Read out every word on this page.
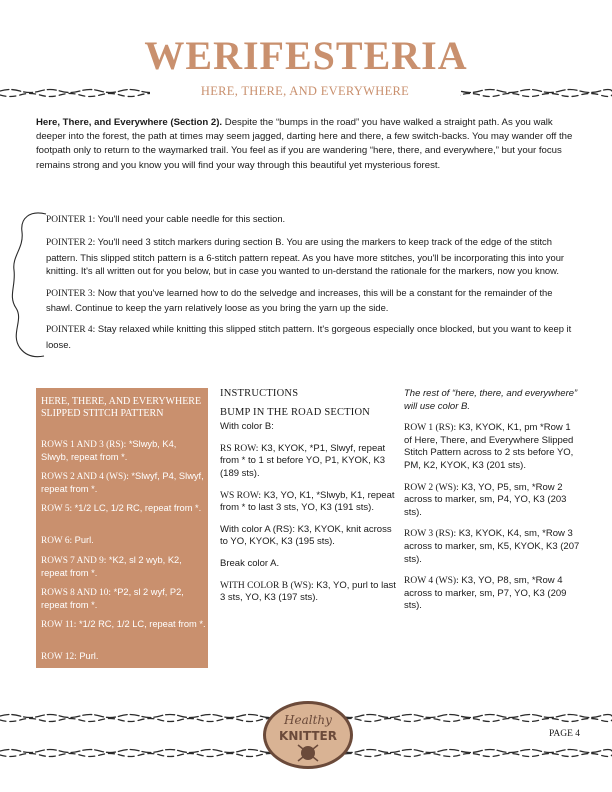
WERIFESTERIA
HERE, THERE, AND EVERYWHERE

Here, There, and Everywhere (Section 2). Despite the “bumps in the road” you have walked a straight path. As you walk deeper into the forest, the path at times may seem jagged, darting here and there, a few switch-backs. You may wander off the footpath only to return to the waymarked trail. You feel as if you are wandering “here, there, and everywhere,” but your focus remains strong and you know you will find your way through this beautiful yet mysterious forest.

POINTER 1: You'll need your cable needle for this section.

POINTER 2: You'll need 3 stitch markers during section B. You are using the markers to keep track of the edge of the stitch pattern. This slipped stitch pattern is a 6-stitch pattern repeat. As you have more stitches, you'll be incorporating this into your knitting. It's all written out for you below, but in case you wanted to un-derstand the rationale for the markers, now you know.

POINTER 3: Now that you've learned how to do the selvedge and increases, this will be a constant for the remainder of the shawl. Continue to keep the yarn relatively loose as you bring the yarn up the side.

POINTER 4: Stay relaxed while knitting this slipped stitch pattern. It's gorgeous especially once blocked, but you want to keep it loose.

HERE, THERE, AND EVERYWHERE SLIPPED STITCH PATTERN

ROWS 1 AND 3 (RS): *Slwyb, K4, Slwyb, repeat from *.

ROWS 2 AND 4 (WS): *Slwyf, P4, Slwyf, repeat from *.

ROW 5: *1/2 LC, 1/2 RC, repeat from *.

ROW 6: Purl.

ROWS 7 AND 9: *K2, sl 2 wyb, K2, repeat from *.

ROWS 8 AND 10: *P2, sl 2 wyf, P2, repeat from *.

ROW 11: *1/2 RC, 1/2 LC, repeat from *.

ROW 12: Purl.

INSTRUCTIONS

BUMP IN THE ROAD SECTION

With color B:

RS ROW: K3, KYOK, *P1, Slwyf, repeat from * to 1 st before YO, P1, KYOK, K3 (189 sts).

WS ROW: K3, YO, K1, *Slwyb, K1, repeat from * to last 3 sts, YO, K3 (191 sts).

With color A (RS): K3, KYOK, knit across to YO, KYOK, K3 (195 sts).

Break color A.

WITH COLOR B (WS): K3, YO, purl to last 3 sts, YO, K3 (197 sts).

The rest of “here, there, and everywhere” will use color B.

ROW 1 (RS): K3, KYOK, K1, pm *Row 1 of Here, There, and Everywhere Slipped Stitch Pattern across to 2 sts before YO, PM, K2, KYOK, K3 (201 sts).

ROW 2 (WS): K3, YO, P5, sm, *Row 2 across to marker, sm, P4, YO, K3 (203 sts).

ROW 3 (RS): K3, KYOK, K4, sm, *Row 3 across to marker, sm, K5, KYOK, K3 (207 sts).

ROW 4 (WS): K3, YO, P8, sm, *Row 4 across to marker, sm, P7, YO, K3 (209 sts).

Healthy
KNITTER	PAGE 4
